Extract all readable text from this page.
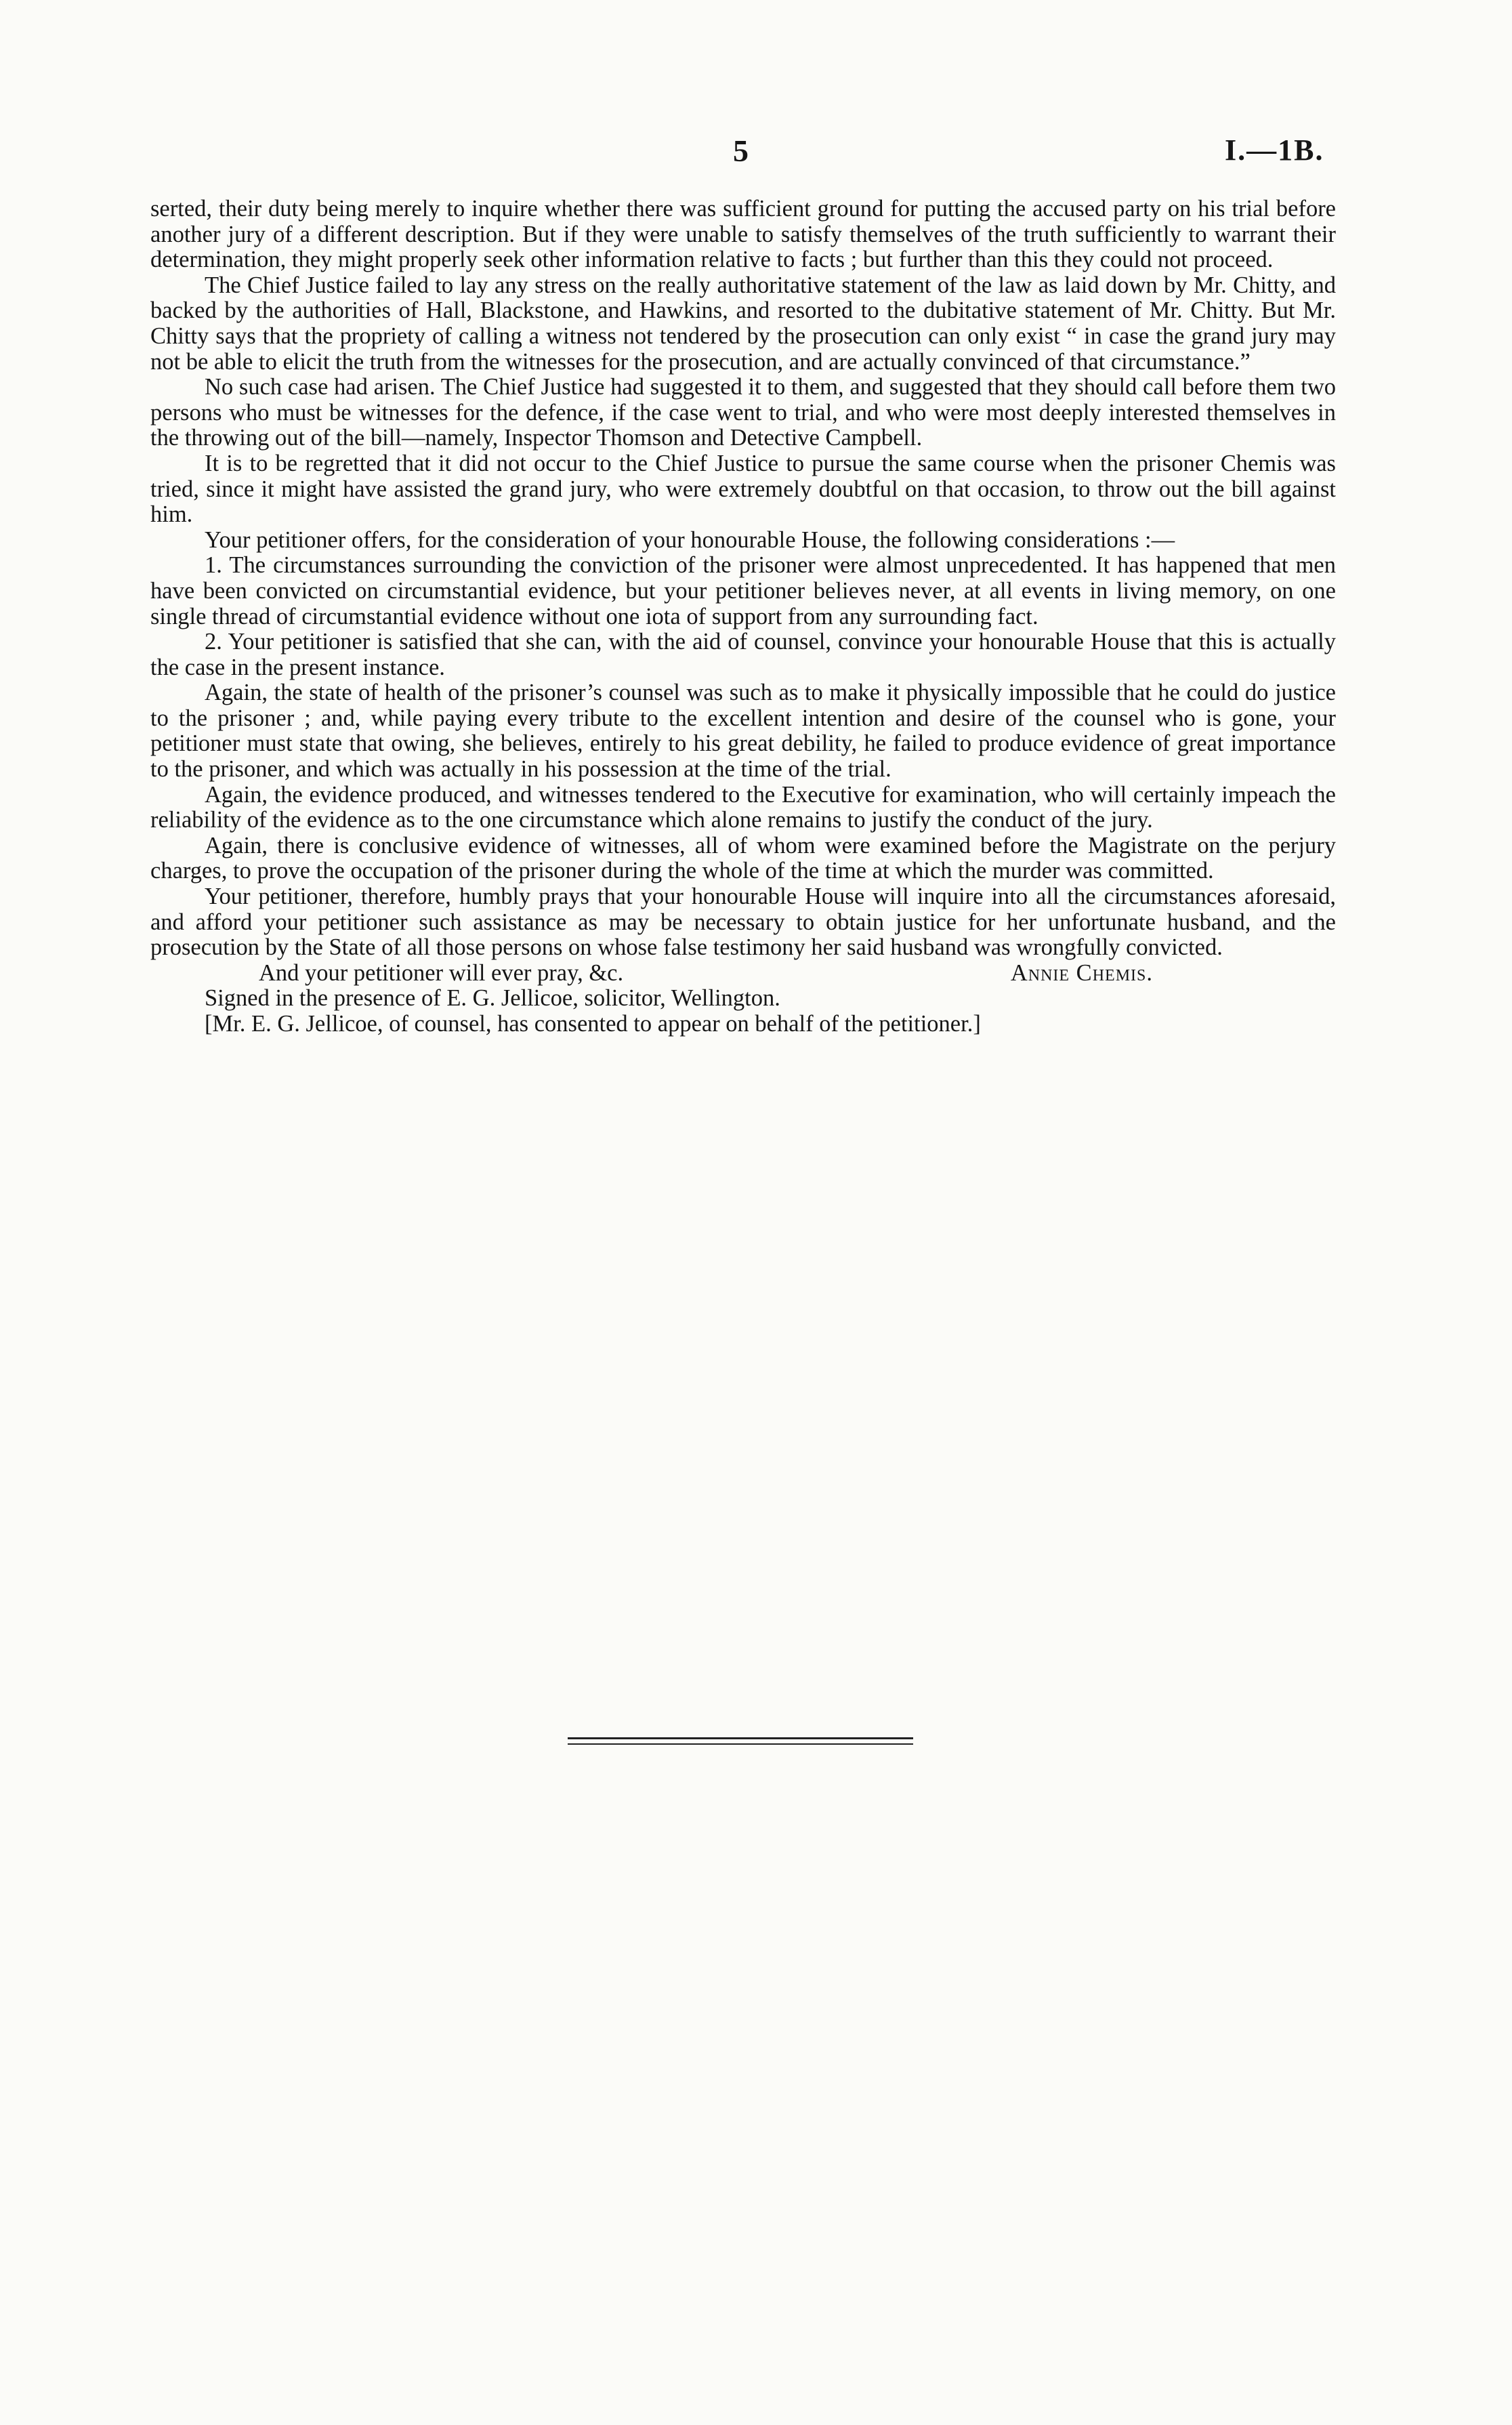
5	I.—1B.

serted, their duty being merely to inquire whether there was sufficient ground for putting the accused party on his trial before another jury of a different description. But if they were unable to satisfy themselves of the truth sufficiently to warrant their determination, they might properly seek other information relative to facts ; but further than this they could not proceed.

The Chief Justice failed to lay any stress on the really authoritative statement of the law as laid down by Mr. Chitty, and backed by the authorities of Hall, Blackstone, and Hawkins, and resorted to the dubitative statement of Mr. Chitty. But Mr. Chitty says that the propriety of calling a witness not tendered by the prosecution can only exist “ in case the grand jury may not be able to elicit the truth from the witnesses for the prosecution, and are actually convinced of that circumstance.”

No such case had arisen. The Chief Justice had suggested it to them, and suggested that they should call before them two persons who must be witnesses for the defence, if the case went to trial, and who were most deeply interested themselves in the throwing out of the bill—namely, Inspector Thomson and Detective Campbell.

It is to be regretted that it did not occur to the Chief Justice to pursue the same course when the prisoner Chemis was tried, since it might have assisted the grand jury, who were extremely doubtful on that occasion, to throw out the bill against him.

Your petitioner offers, for the consideration of your honourable House, the following considerations :—

1. The circumstances surrounding the conviction of the prisoner were almost unprecedented. It has happened that men have been convicted on circumstantial evidence, but your petitioner believes never, at all events in living memory, on one single thread of circumstantial evidence without one iota of support from any surrounding fact.

2. Your petitioner is satisfied that she can, with the aid of counsel, convince your honourable House that this is actually the case in the present instance.

Again, the state of health of the prisoner’s counsel was such as to make it physically impossible that he could do justice to the prisoner ; and, while paying every tribute to the excellent intention and desire of the counsel who is gone, your petitioner must state that owing, she believes, entirely to his great debility, he failed to produce evidence of great importance to the prisoner, and which was actually in his possession at the time of the trial.

Again, the evidence produced, and witnesses tendered to the Executive for examination, who will certainly impeach the reliability of the evidence as to the one circumstance which alone remains to justify the conduct of the jury.

Again, there is conclusive evidence of witnesses, all of whom were examined before the Magistrate on the perjury charges, to prove the occupation of the prisoner during the whole of the time at which the murder was committed.

Your petitioner, therefore, humbly prays that your honourable House will inquire into all the circumstances aforesaid, and afford your petitioner such assistance as may be necessary to obtain justice for her unfortunate husband, and the prosecution by the State of all those persons on whose false testimony her said husband was wrongfully convicted.

And your petitioner will ever pray, &c.	Annie Chemis.

Signed in the presence of E. G. Jellicoe, solicitor, Wellington.

[Mr. E. G. Jellicoe, of counsel, has consented to appear on behalf of the petitioner.]
